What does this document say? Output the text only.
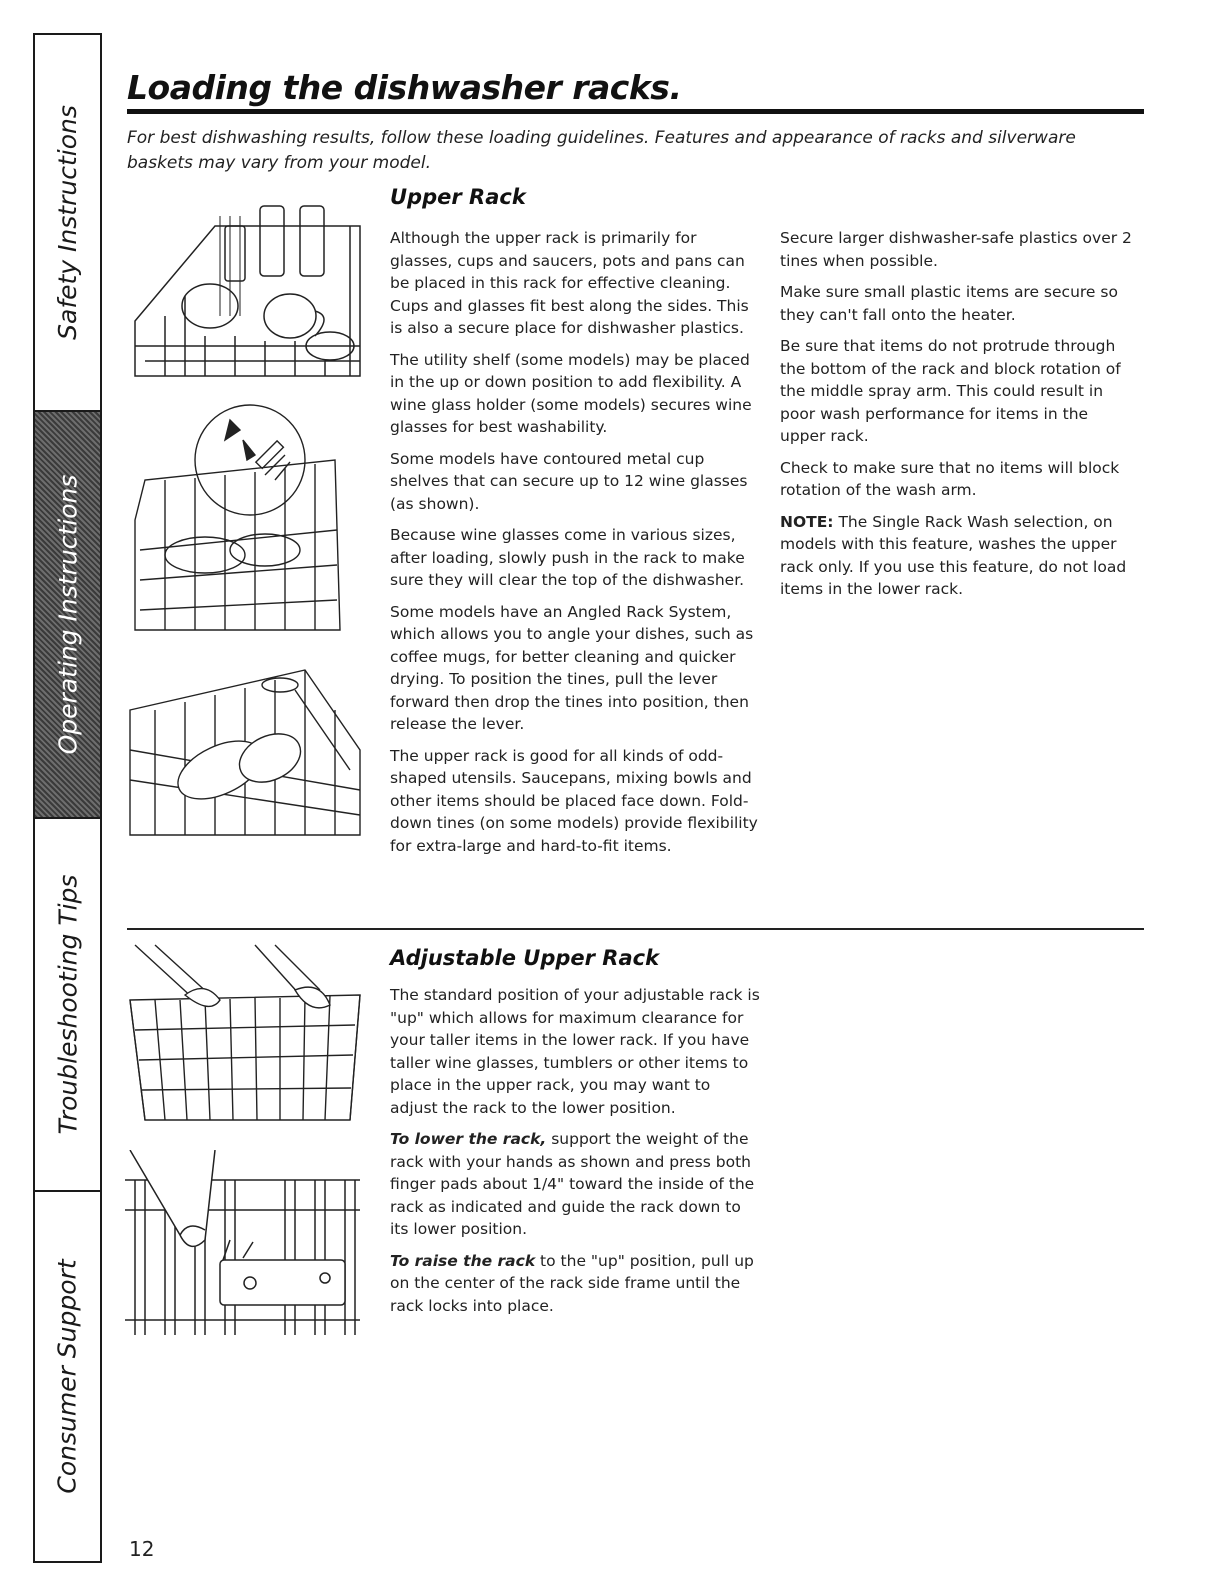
Safety Instructions
Operating Instructions
Troubleshooting Tips
Consumer Support
Loading the dishwasher racks.

For best dishwashing results, follow these loading guidelines. Features and appearance of racks and silverware baskets may vary from your model.

Upper Rack

Although the upper rack is primarily for glasses, cups and saucers, pots and pans can be placed in this rack for effective cleaning. Cups and glasses fit best along the sides. This is also a secure place for dishwasher plastics.

The utility shelf (some models) may be placed in the up or down position to add flexibility. A wine glass holder (some models) secures wine glasses for best washability.

Some models have contoured metal cup shelves that can secure up to 12 wine glasses (as shown).

Because wine glasses come in various sizes, after loading, slowly push in the rack to make sure they will clear the top of the dishwasher.

Some models have an Angled Rack System, which allows you to angle your dishes, such as coffee mugs, for better cleaning and quicker drying. To position the tines, pull the lever forward then drop the tines into position, then release the lever.

The upper rack is good for all kinds of odd-shaped utensils. Saucepans, mixing bowls and other items should be placed face down. Fold-down tines (on some models) provide flexibility for extra-large and hard-to-fit items.

Secure larger dishwasher-safe plastics over 2 tines when possible.

Make sure small plastic items are secure so they can't fall onto the heater.

Be sure that items do not protrude through the bottom of the rack and block rotation of the middle spray arm. This could result in poor wash performance for items in the upper rack.

Check to make sure that no items will block rotation of the wash arm.

NOTE: The Single Rack Wash selection, on models with this feature, washes the upper rack only. If you use this feature, do not load items in the lower rack.

Adjustable Upper Rack

The standard position of your adjustable rack is "up" which allows for maximum clearance for your taller items in the lower rack. If you have taller wine glasses, tumblers or other items to place in the upper rack, you may want to adjust the rack to the lower position.

To lower the rack, support the weight of the rack with your hands as shown and press both finger pads about 1/4" toward the inside of the rack as indicated and guide the rack down to its lower position.

To raise the rack to the "up" position, pull up on the center of the rack side frame until the rack locks into place.

12
